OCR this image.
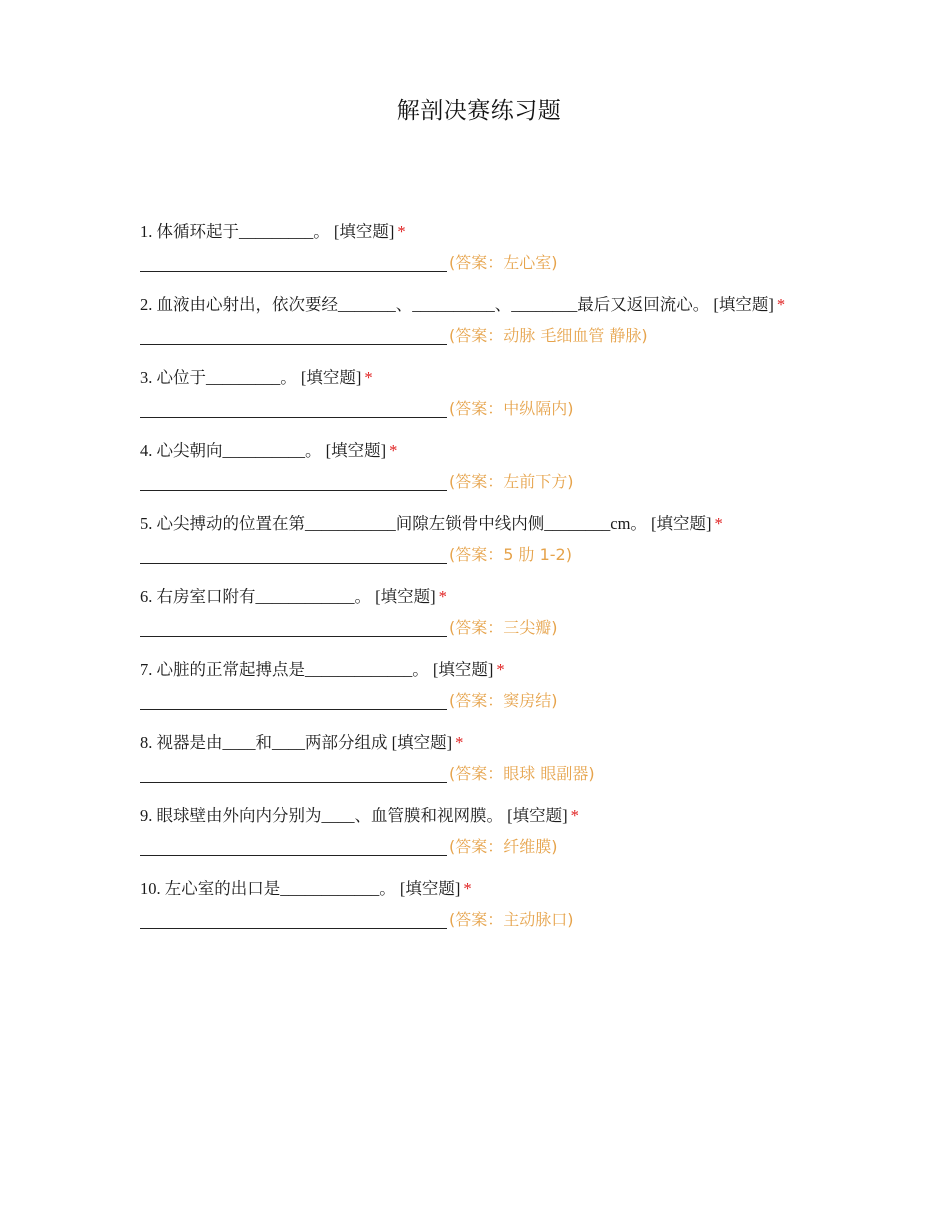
解剖决赛练习题
1. 体循环起于_________。 [填空题] *
(答案：左心室)
2. 血液由心射出，依次要经_______、__________、________最后又返回流心。 [填空题] *
(答案：动脉 毛细血管 静脉)
3. 心位于_________。 [填空题] *
(答案：中纵隔内)
4. 心尖朝向__________。 [填空题] *
(答案：左前下方)
5. 心尖搏动的位置在第___________间隙左锁骨中线内侧________cm。 [填空题] *
(答案：5 肋 1-2)
6. 右房室口附有____________。 [填空题] *
(答案：三尖瓣)
7. 心脏的正常起搏点是_____________。 [填空题] *
(答案：窦房结)
8. 视器是由____和____两部分组成 [填空题] *
(答案：眼球 眼副器)
9. 眼球壁由外向内分别为____、血管膜和视网膜。 [填空题] *
(答案：纤维膜)
10. 左心室的出口是____________。 [填空题] *
(答案：主动脉口)
